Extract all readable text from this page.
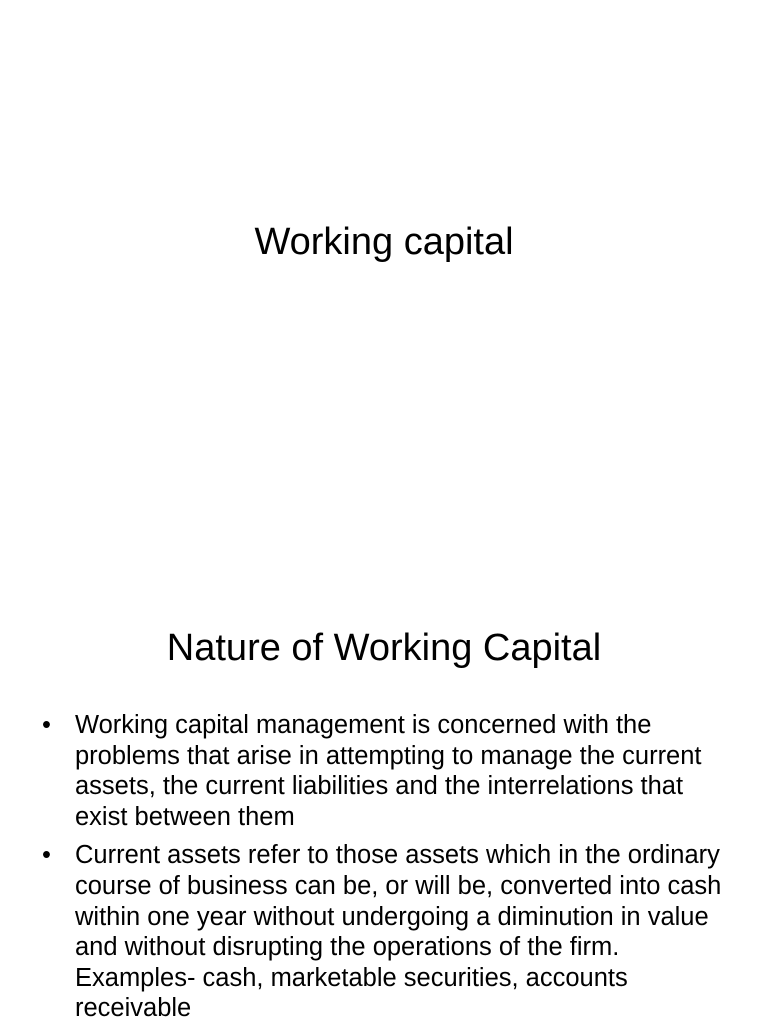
Working capital
Nature of Working Capital
• Working capital management is concerned with the problems that arise in attempting to manage the current assets, the current liabilities and the interrelations that exist between them
• Current assets refer to those assets which in the ordinary course of business can be, or will be, converted into cash within one year without undergoing a diminution in value and without disrupting the operations of the firm. Examples- cash, marketable securities, accounts receivable
